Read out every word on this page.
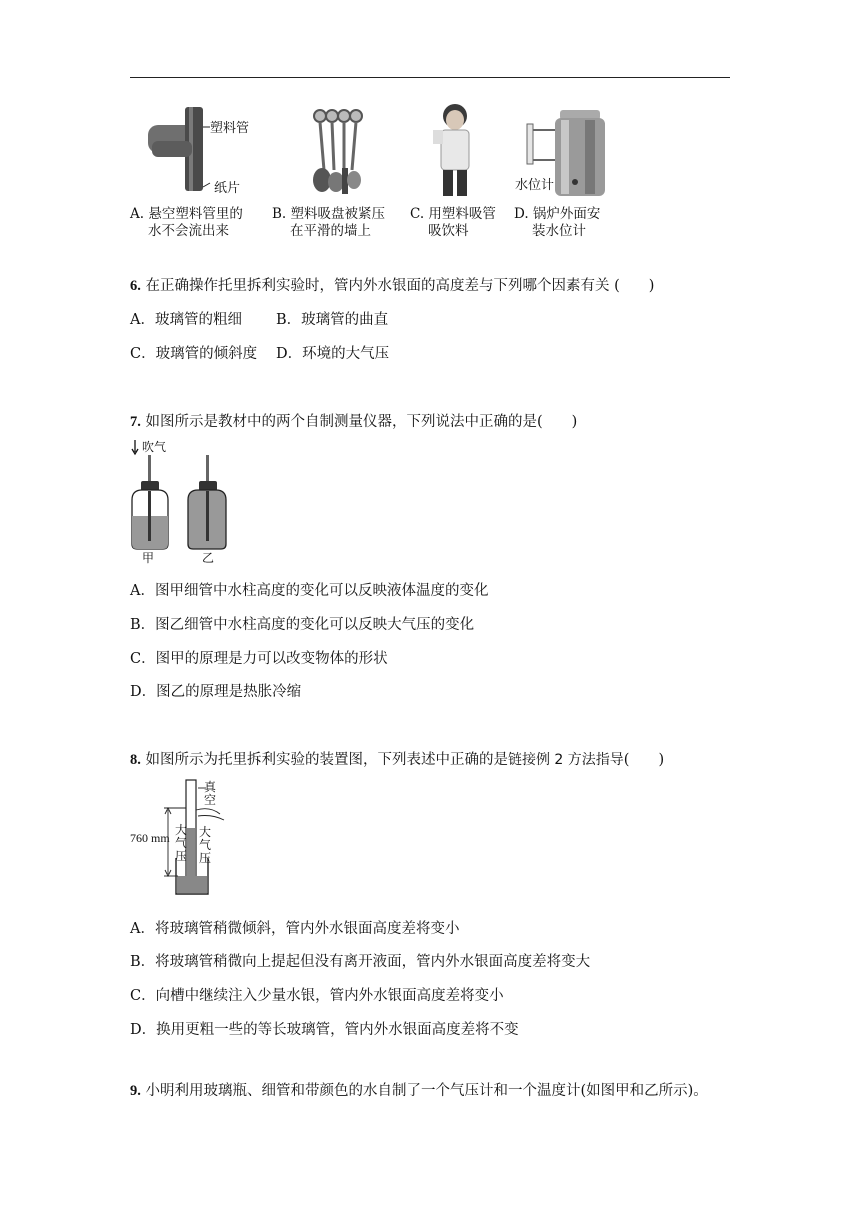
塑料管
纸片
A. 悬空塑料管里的
水不会流出来
B. 塑料吸盘被紧压
在平滑的墙上
C. 用塑料吸管
吸饮料
水位计
D. 锅炉外面安
装水位计
6. 在正确操作托里拆利实验时，管内外水银面的高度差与下列哪个因素有关 (　　)
A．玻璃管的粗细 B．玻璃管的曲直
C．玻璃管的倾斜度 D．环境的大气压
7. 如图所示是教材中的两个自制测量仪器，下列说法中正确的是(　　)
吹气
甲	乙
A．图甲细管中水柱高度的变化可以反映液体温度的变化
B．图乙细管中水柱高度的变化可以反映大气压的变化
C．图甲的原理是力可以改变物体的形状
D．图乙的原理是热胀冷缩
8. 如图所示为托里拆利实验的装置图，下列表述中正确的是链接例 2 方法指导(　　)
真
空
760 mm
大
气
压
大
气
压
A．将玻璃管稍微倾斜，管内外水银面高度差将变小
B．将玻璃管稍微向上提起但没有离开液面，管内外水银面高度差将变大
C．向槽中继续注入少量水银，管内外水银面高度差将变小
D．换用更粗一些的等长玻璃管，管内外水银面高度差将不变
9. 小明利用玻璃瓶、细管和带颜色的水自制了一个气压计和一个温度计(如图甲和乙所示)。
